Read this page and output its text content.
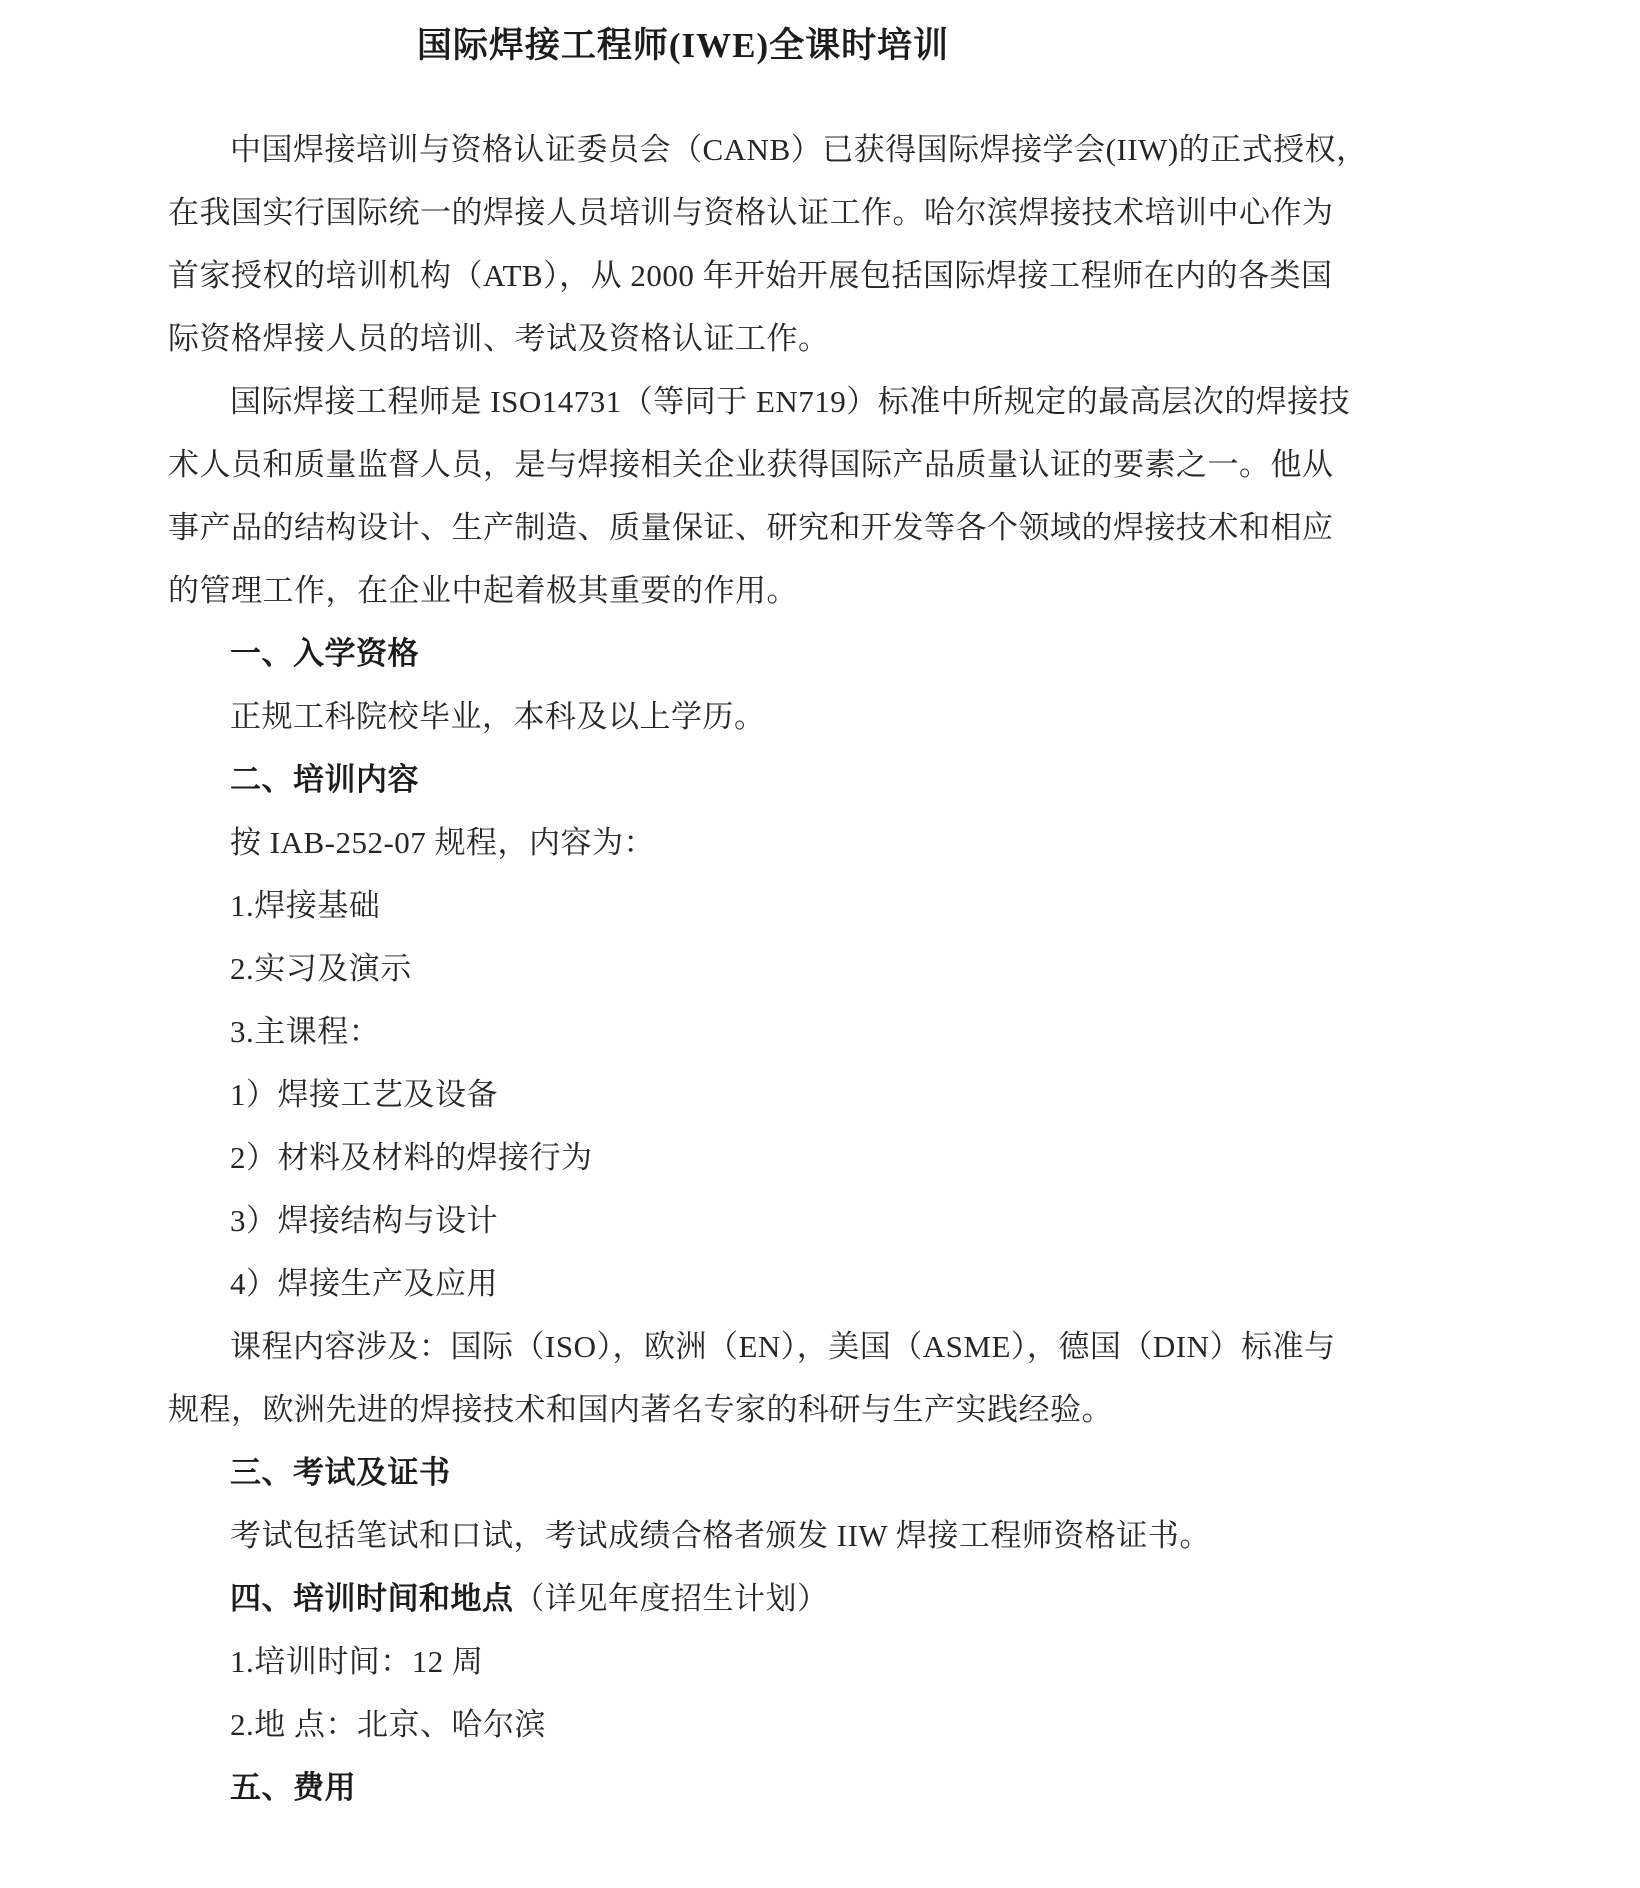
国际焊接工程师(IWE)全课时培训
中国焊接培训与资格认证委员会（CANB）已获得国际焊接学会(IIW)的正式授权，
在我国实行国际统一的焊接人员培训与资格认证工作。哈尔滨焊接技术培训中心作为
首家授权的培训机构（ATB），从 2000 年开始开展包括国际焊接工程师在内的各类国
际资格焊接人员的培训、考试及资格认证工作。
国际焊接工程师是 ISO14731（等同于 EN719）标准中所规定的最高层次的焊接技
术人员和质量监督人员，是与焊接相关企业获得国际产品质量认证的要素之一。他从
事产品的结构设计、生产制造、质量保证、研究和开发等各个领域的焊接技术和相应
的管理工作，在企业中起着极其重要的作用。
一、入学资格
正规工科院校毕业，本科及以上学历。
二、培训内容
按 IAB-252-07 规程，内容为：
1.焊接基础
2.实习及演示
3.主课程：
1）焊接工艺及设备
2）材料及材料的焊接行为
3）焊接结构与设计
4）焊接生产及应用
课程内容涉及：国际（ISO），欧洲（EN），美国（ASME），德国（DIN）标准与
规程，欧洲先进的焊接技术和国内著名专家的科研与生产实践经验。
三、考试及证书
考试包括笔试和口试，考试成绩合格者颁发 IIW 焊接工程师资格证书。
四、培训时间和地点（详见年度招生计划）
1.培训时间：12 周
2.地 点：北京、哈尔滨
五、费用
